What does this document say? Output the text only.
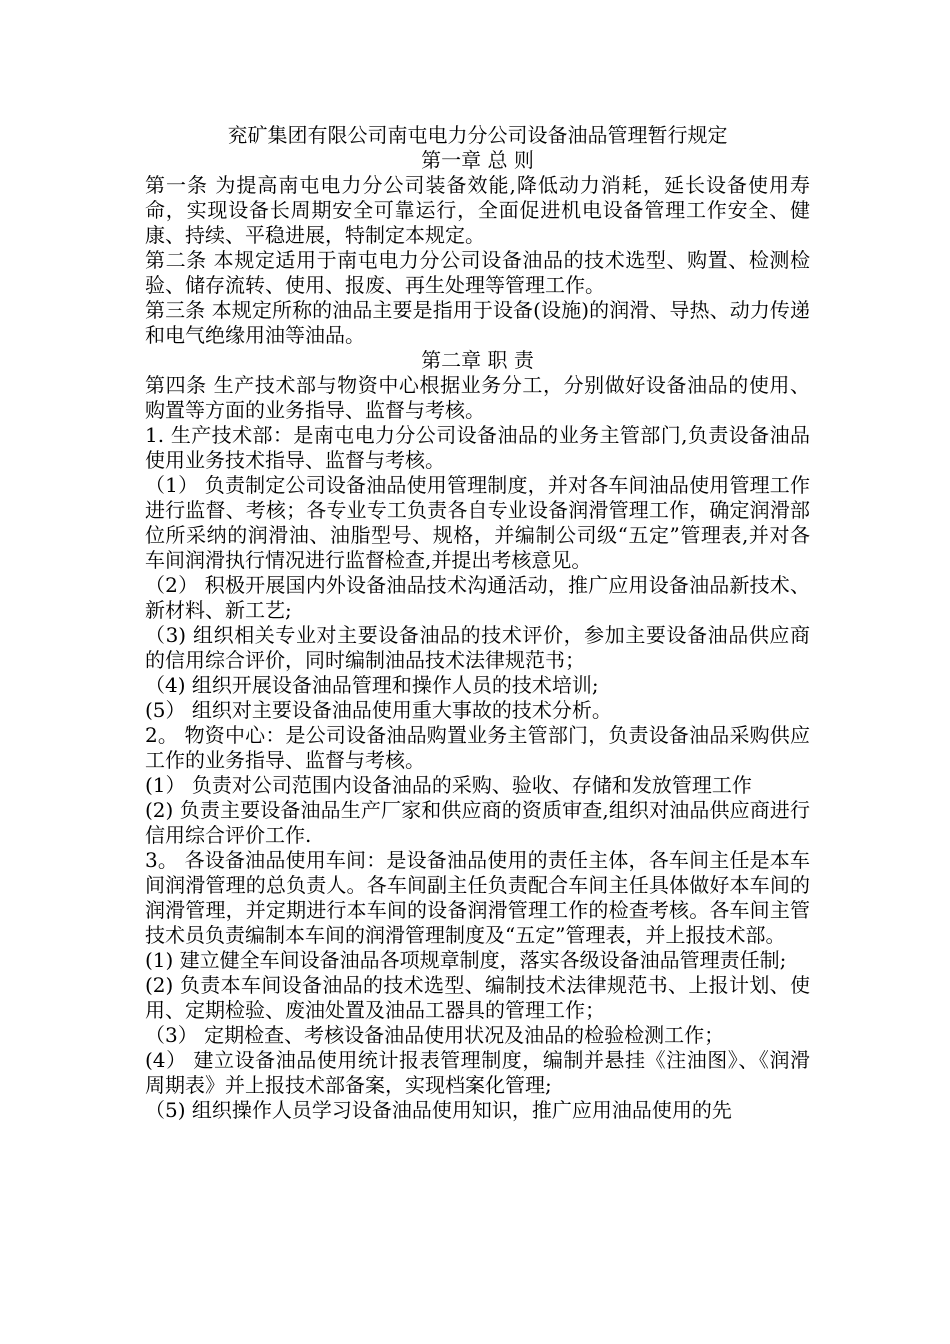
兖矿集团有限公司南屯电力分公司设备油品管理暂行规定

第一章 总 则

第一条 为提高南屯电力分公司装备效能,降低动力消耗，延长设备使用寿命，实现设备长周期安全可靠运行，全面促进机电设备管理工作安全、健康、持续、平稳进展，特制定本规定。

第二条 本规定适用于南屯电力分公司设备油品的技术选型、购置、检测检验、储存流转、使用、报废、再生处理等管理工作。

第三条 本规定所称的油品主要是指用于设备(设施)的润滑、导热、动力传递和电气绝缘用油等油品。

第二章 职 责

第四条 生产技术部与物资中心根据业务分工，分别做好设备油品的使用、购置等方面的业务指导、监督与考核。

1. 生产技术部：是南屯电力分公司设备油品的业务主管部门,负责设备油品使用业务技术指导、监督与考核。

（1） 负责制定公司设备油品使用管理制度，并对各车间油品使用管理工作进行监督、考核；各专业专工负责各自专业设备润滑管理工作，确定润滑部位所采纳的润滑油、油脂型号、规格，并编制公司级“五定”管理表,并对各车间润滑执行情况进行监督检查,并提出考核意见。

（2） 积极开展国内外设备油品技术沟通活动，推广应用设备油品新技术、新材料、新工艺;

（3) 组织相关专业对主要设备油品的技术评价，参加主要设备油品供应商的信用综合评价，同时编制油品技术法律规范书；

（4) 组织开展设备油品管理和操作人员的技术培训;

(5） 组织对主要设备油品使用重大事故的技术分析。

2。 物资中心：是公司设备油品购置业务主管部门，负责设备油品采购供应工作的业务指导、监督与考核。

(1） 负责对公司范围内设备油品的采购、验收、存储和发放管理工作

(2) 负责主要设备油品生产厂家和供应商的资质审查,组织对油品供应商进行信用综合评价工作.

3。 各设备油品使用车间：是设备油品使用的责任主体，各车间主任是本车间润滑管理的总负责人。各车间副主任负责配合车间主任具体做好本车间的润滑管理，并定期进行本车间的设备润滑管理工作的检查考核。各车间主管技术员负责编制本车间的润滑管理制度及“五定”管理表，并上报技术部。

(1) 建立健全车间设备油品各项规章制度，落实各级设备油品管理责任制;

(2) 负责本车间设备油品的技术选型、编制技术法律规范书、上报计划、使用、定期检验、废油处置及油品工器具的管理工作；

（3） 定期检查、考核设备油品使用状况及油品的检验检测工作；

(4） 建立设备油品使用统计报表管理制度，编制并悬挂《注油图》、《润滑周期表》并上报技术部备案，实现档案化管理;

（5) 组织操作人员学习设备油品使用知识，推广应用油品使用的先
